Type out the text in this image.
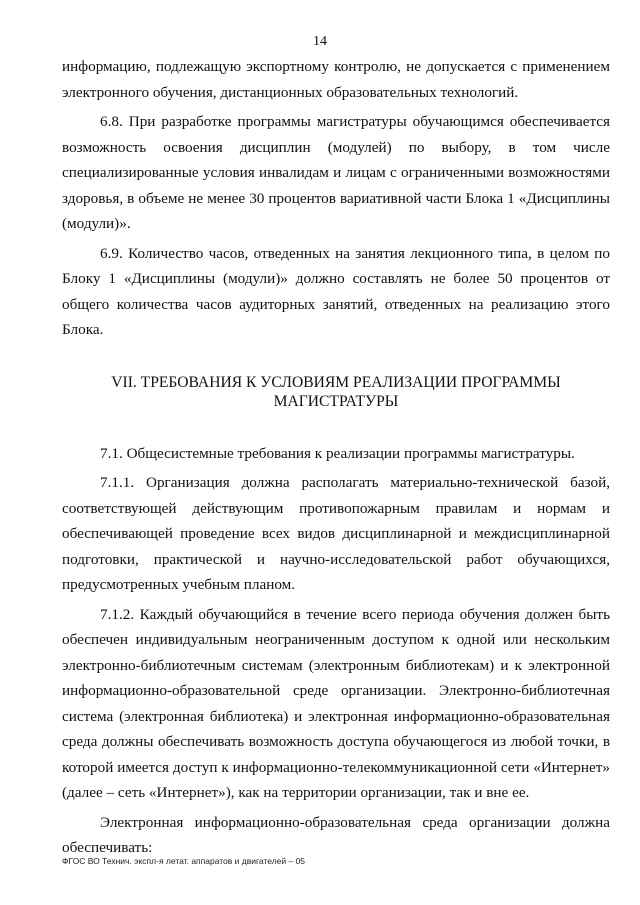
14

информацию, подлежащую экспортному контролю, не допускается с применением электронного обучения, дистанционных образовательных технологий.

6.8. При разработке программы магистратуры обучающимся обеспечивается возможность освоения дисциплин (модулей) по выбору, в том числе специализированные условия инвалидам и лицам с ограниченными возможностями здоровья, в объеме не менее 30 процентов вариативной части Блока 1 «Дисциплины (модули)».

6.9. Количество часов, отведенных на занятия лекционного типа, в целом по Блоку 1 «Дисциплины (модули)» должно составлять не более 50 процентов от общего количества часов аудиторных занятий, отведенных на реализацию этого Блока.

VII. ТРЕБОВАНИЯ К УСЛОВИЯМ РЕАЛИЗАЦИИ ПРОГРАММЫ
МАГИСТРАТУРЫ

7.1. Общесистемные требования к реализации программы магистратуры.

7.1.1. Организация должна располагать материально-технической базой, соответствующей действующим противопожарным правилам и нормам и обеспечивающей проведение всех видов дисциплинарной и междисциплинарной подготовки, практической и научно-исследовательской работ обучающихся, предусмотренных учебным планом.

7.1.2. Каждый обучающийся в течение всего периода обучения должен быть обеспечен индивидуальным неограниченным доступом к одной или нескольким электронно-библиотечным системам (электронным библиотекам) и к электронной информационно-образовательной среде организации. Электронно-библиотечная система (электронная библиотека) и электронная информационно-образовательная среда должны обеспечивать возможность доступа обучающегося из любой точки, в которой имеется доступ к информационно-телекоммуникационной сети «Интернет» (далее – сеть «Интернет»), как на территории организации, так и вне ее.

Электронная информационно-образовательная среда организации должна обеспечивать:

ФГОС ВО Технич. экспл-я летат. аппаратов и двигателей – 05
